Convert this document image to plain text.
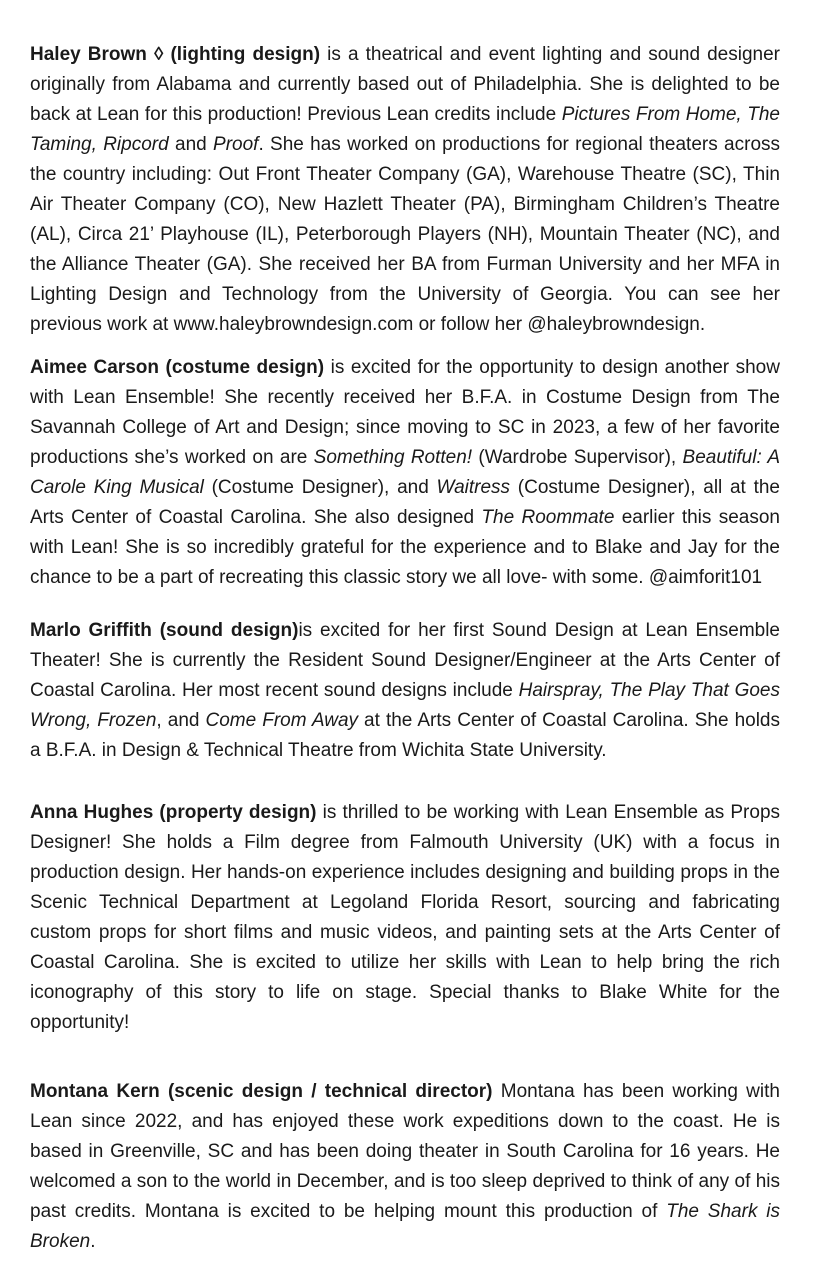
Haley Brown ◊ (lighting design) is a theatrical and event lighting and sound designer originally from Alabama and currently based out of Philadelphia. She is delighted to be back at Lean for this production! Previous Lean credits include Pictures From Home, The Taming, Ripcord and Proof. She has worked on productions for regional theaters across the country including: Out Front Theater Company (GA), Warehouse Theatre (SC), Thin Air Theater Company (CO), New Hazlett Theater (PA), Birmingham Children’s Theatre (AL), Circa 21’ Playhouse (IL), Peterborough Players (NH), Mountain Theater (NC), and the Alliance Theater (GA). She received her BA from Furman University and her MFA in Lighting Design and Technology from the University of Georgia. You can see her previous work at www.haleybrowndesign.com or follow her @haleybrowndesign.

Aimee Carson (costume design) is excited for the opportunity to design another show with Lean Ensemble! She recently received her B.F.A. in Costume Design from The Savannah College of Art and Design; since moving to SC in 2023, a few of her favorite productions she’s worked on are Something Rotten! (Wardrobe Supervisor), Beautiful: A Carole King Musical (Costume Designer), and Waitress (Costume Designer), all at the Arts Center of Coastal Carolina. She also designed The Roommate earlier this season with Lean! She is so incredibly grateful for the experience and to Blake and Jay for the chance to be a part of recreating this classic story we all love- with some. @aimforit101

Marlo Griffith (sound design)is excited for her first Sound Design at Lean Ensemble Theater! She is currently the Resident Sound Designer/Engineer at the Arts Center of Coastal Carolina. Her most recent sound designs include Hairspray, The Play That Goes Wrong, Frozen, and Come From Away at the Arts Center of Coastal Carolina. She holds a B.F.A. in Design & Technical Theatre from Wichita State University.

Anna Hughes (property design) is thrilled to be working with Lean Ensemble as Props Designer! She holds a Film degree from Falmouth University (UK) with a focus in production design. Her hands-on experience includes designing and building props in the Scenic Technical Department at Legoland Florida Resort, sourcing and fabricating custom props for short films and music videos, and painting sets at the Arts Center of Coastal Carolina. She is excited to utilize her skills with Lean to help bring the rich iconography of this story to life on stage. Special thanks to Blake White for the opportunity!

Montana Kern (scenic design / technical director) Montana has been working with Lean since 2022, and has enjoyed these work expeditions down to the coast. He is based in Greenville, SC and has been doing theater in South Carolina for 16 years. He welcomed a son to the world in December, and is too sleep deprived to think of any of his past credits. Montana is excited to be helping mount this production of The Shark is Broken.
